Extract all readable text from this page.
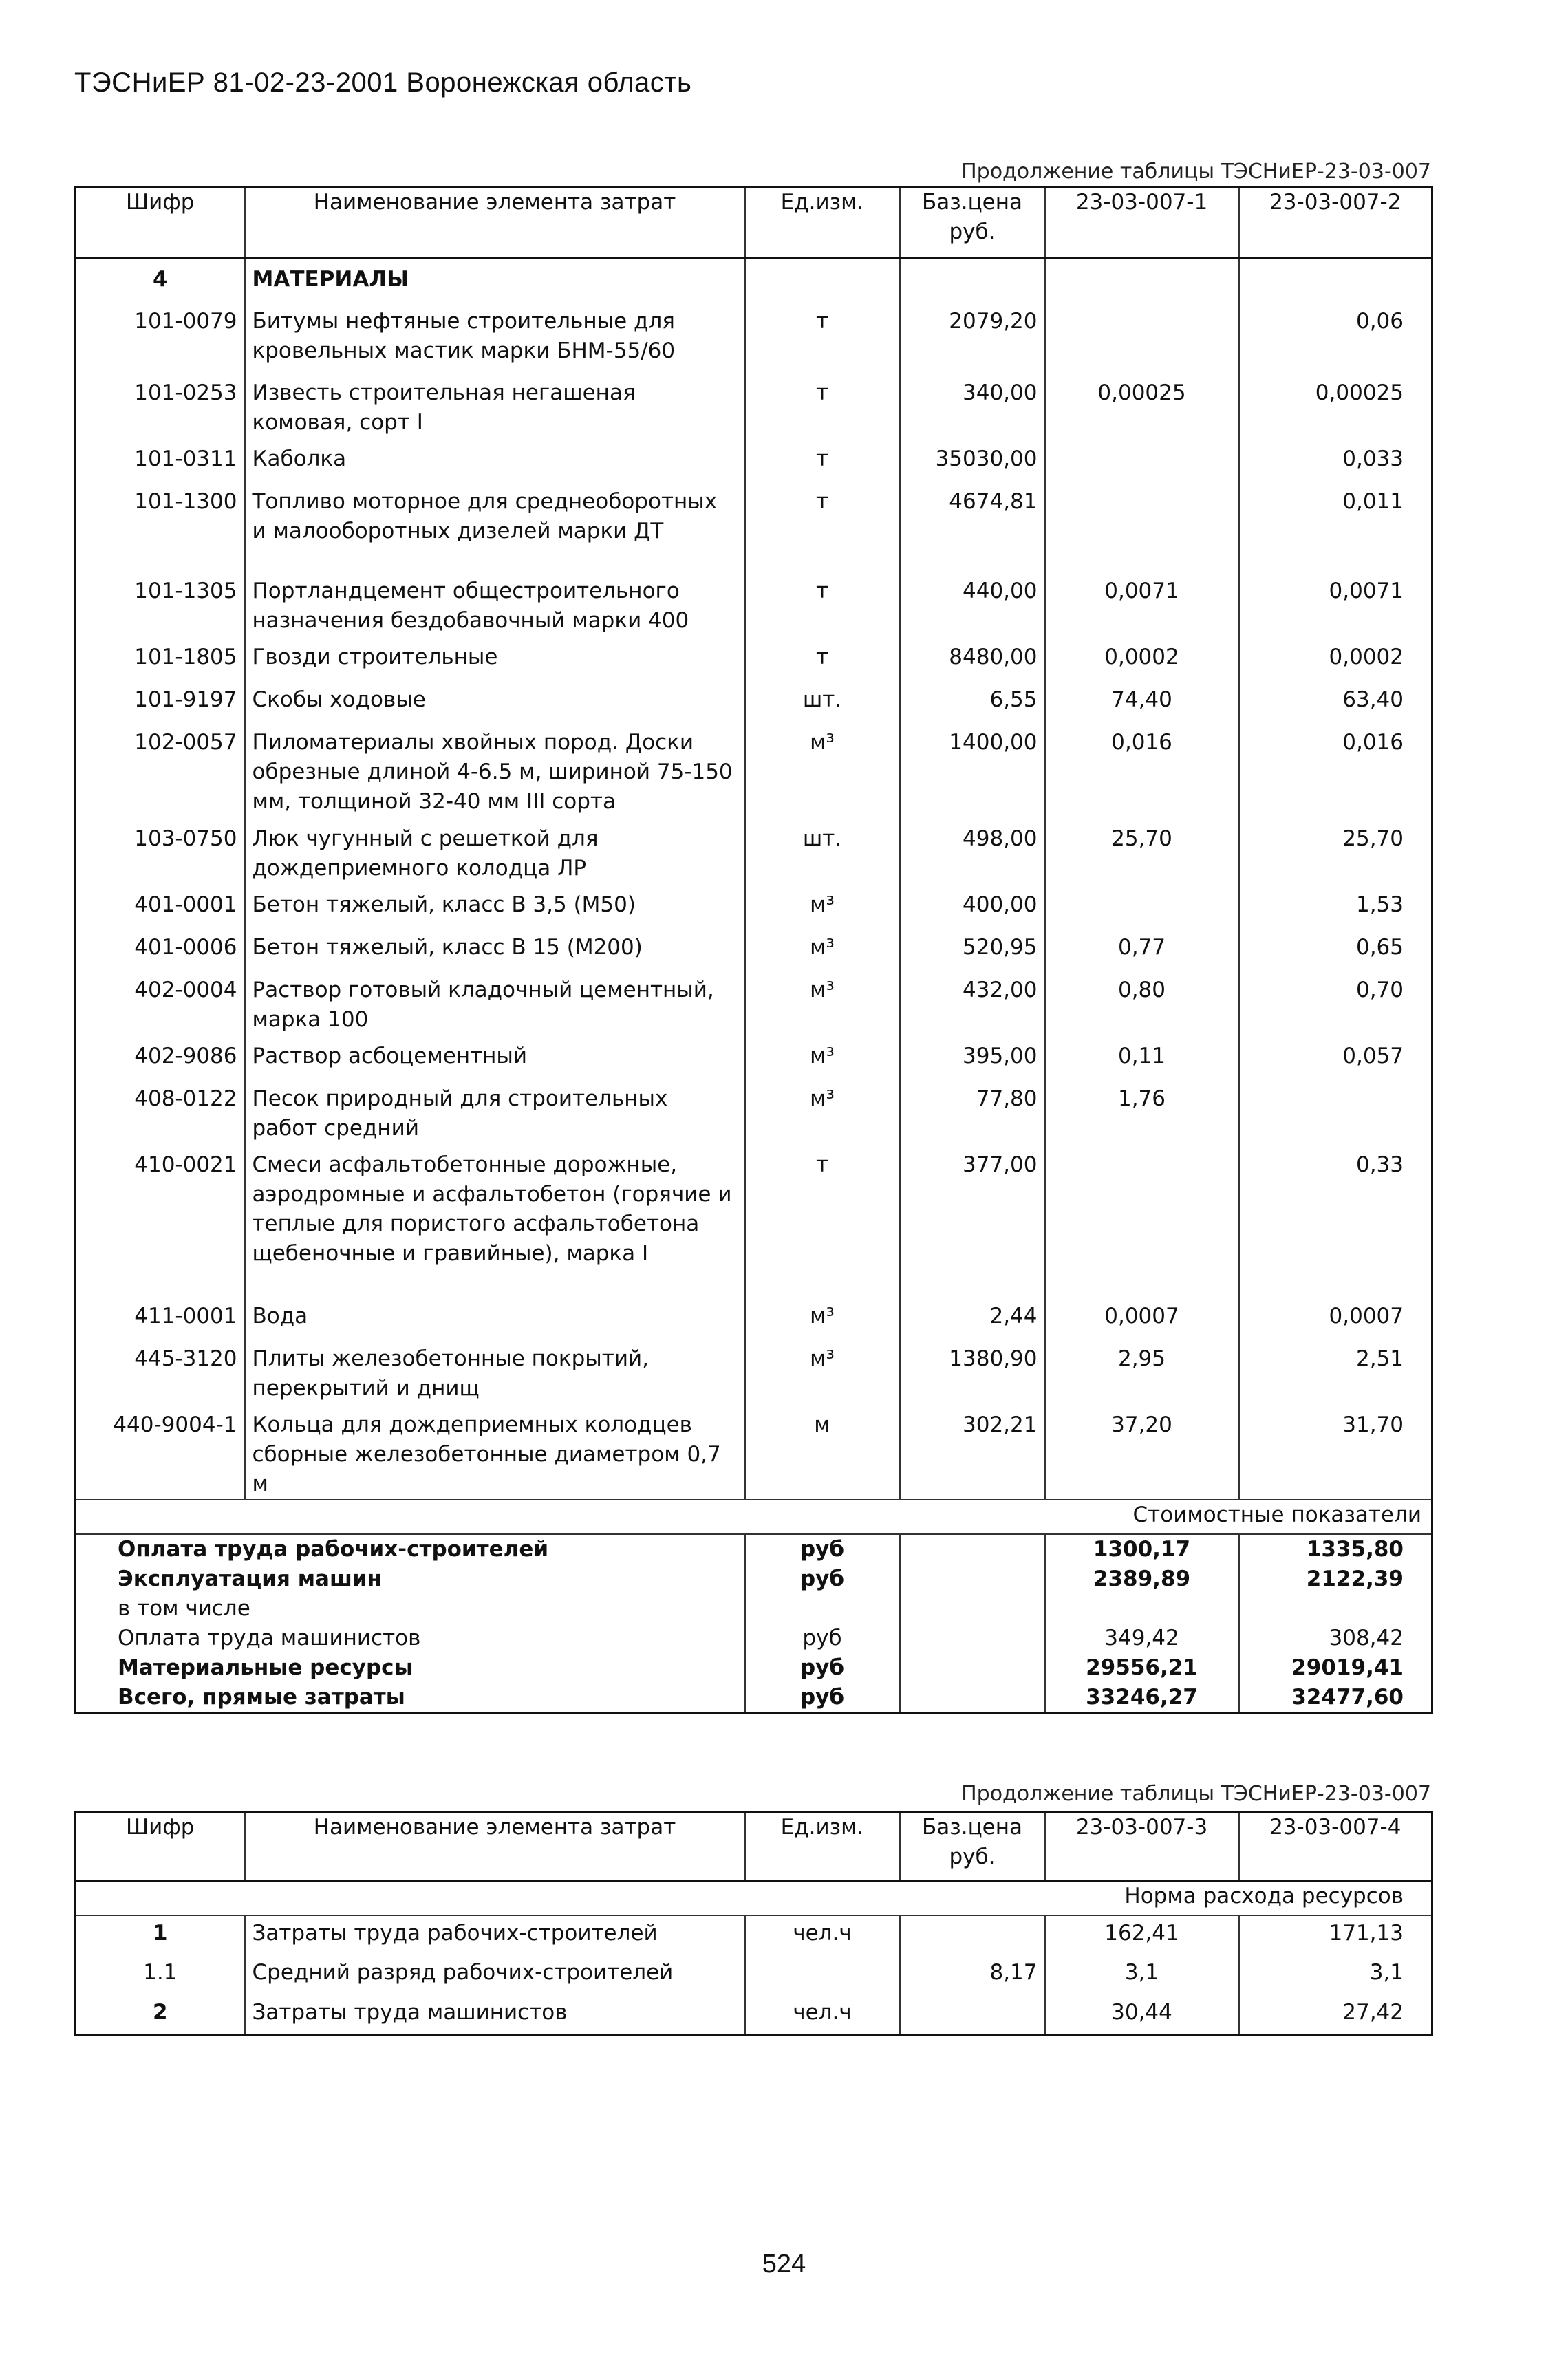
ТЭСНиЕР 81-02-23-2001 Воронежская область
Продолжение таблицы ТЭСНиЕР-23-03-007
Шифр	Наименование элемента затрат	Ед.изм.	Баз.цена руб.	23-03-007-1	23-03-007-2
4	МАТЕРИАЛЫ				
101-0079	Битумы нефтяные строительные для кровельных мастик марки БНМ-55/60	т	2079,20		0,06
101-0253	Известь строительная негашеная комовая, сорт I	т	340,00	0,00025	0,00025
101-0311	Каболка	т	35030,00		0,033
101-1300	Топливо моторное для среднеоборотных и малооборотных дизелей марки ДТ	т	4674,81		0,011
101-1305	Портландцемент общестроительного назначения бездобавочный марки 400	т	440,00	0,0071	0,0071
101-1805	Гвозди строительные	т	8480,00	0,0002	0,0002
101-9197	Скобы ходовые	шт.	6,55	74,40	63,40
102-0057	Пиломатериалы хвойных пород. Доски обрезные длиной 4-6.5 м, шириной 75-150 мм, толщиной 32-40 мм III сорта	м³	1400,00	0,016	0,016
103-0750	Люк чугунный с решеткой для дождеприемного колодца ЛР	шт.	498,00	25,70	25,70
401-0001	Бетон тяжелый, класс В 3,5 (М50)	м³	400,00		1,53
401-0006	Бетон тяжелый, класс В 15 (М200)	м³	520,95	0,77	0,65
402-0004	Раствор готовый кладочный цементный, марка 100	м³	432,00	0,80	0,70
402-9086	Раствор асбоцементный	м³	395,00	0,11	0,057
408-0122	Песок природный для строительных работ средний	м³	77,80	1,76	
410-0021	Смеси асфальтобетонные дорожные, аэродромные и асфальтобетон (горячие и теплые для пористого асфальтобетона щебеночные и гравийные), марка I	т	377,00		0,33
411-0001	Вода	м³	2,44	0,0007	0,0007
445-3120	Плиты железобетонные покрытий, перекрытий и днищ	м³	1380,90	2,95	2,51
440-9004-1	Кольца для дождеприемных колодцев сборные железобетонные диаметром 0,7 м	м	302,21	37,20	31,70
Стоимостные показатели					
Оплата труда рабочих-строителей		руб		1300,17	1335,80
Эксплуатация машин		руб		2389,89	2122,39
в том числе					
Оплата труда машинистов		руб		349,42	308,42
Материальные ресурсы		руб		29556,21	29019,41
Всего, прямые затраты		руб		33246,27	32477,60
Продолжение таблицы ТЭСНиЕР-23-03-007
Шифр	Наименование элемента затрат	Ед.изм.	Баз.цена руб.	23-03-007-3	23-03-007-4
Норма расхода ресурсов					
1	Затраты труда рабочих-строителей	чел.ч		162,41	171,13
1.1	Средний разряд рабочих-строителей		8,17	3,1	3,1
2	Затраты труда машинистов	чел.ч		30,44	27,42
524
